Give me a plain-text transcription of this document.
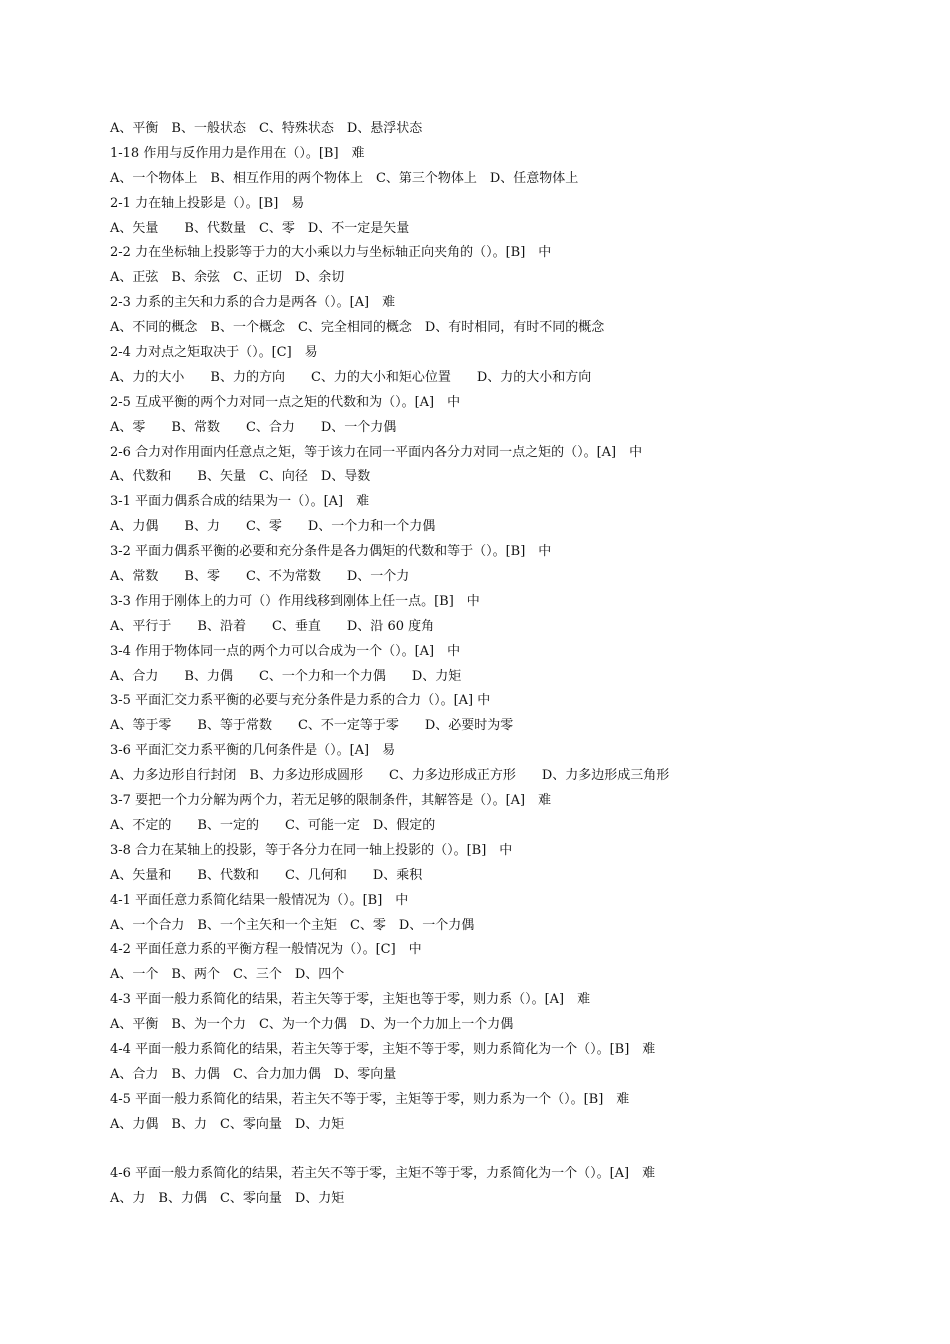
A、平衡　B、一般状态　C、特殊状态　D、悬浮状态
1-18 作用与反作用力是作用在（）。[B]　难
A、一个物体上　B、相互作用的两个物体上　C、第三个物体上　D、任意物体上
2-1 力在轴上投影是（）。[B]　易
A、矢量　　B、代数量　C、零　D、不一定是矢量
2-2 力在坐标轴上投影等于力的大小乘以力与坐标轴正向夹角的（）。[B]　中
A、正弦　B、余弦　C、正切　D、余切
2-3 力系的主矢和力系的合力是两各（）。[A]　难
A、不同的概念　B、一个概念　C、完全相同的概念　D、有时相同，有时不同的概念
2-4 力对点之矩取决于（）。[C]　易
A、力的大小　　B、力的方向　　C、力的大小和矩心位置　　D、力的大小和方向
2-5 互成平衡的两个力对同一点之矩的代数和为（）。[A]　中
A、零　　B、常数　　C、合力　　D、一个力偶
2-6 合力对作用面内任意点之矩，等于该力在同一平面内各分力对同一点之矩的（）。[A]　中
A、代数和　　B、矢量　C、向径　D、导数
3-1 平面力偶系合成的结果为一（）。[A]　难
A、力偶　　B、力　　C、零　　D、一个力和一个力偶
3-2 平面力偶系平衡的必要和充分条件是各力偶矩的代数和等于（）。[B]　中
A、常数　　B、零　　C、不为常数　　D、一个力
3-3 作用于刚体上的力可（）作用线移到刚体上任一点。[B]　中
A、平行于　　B、沿着　　C、垂直　　D、沿 60 度角
3-4 作用于物体同一点的两个力可以合成为一个（）。[A]　中
A、合力　　B、力偶　　C、一个力和一个力偶　　D、力矩
3-5 平面汇交力系平衡的必要与充分条件是力系的合力（）。[A] 中
A、等于零　　B、等于常数　　C、不一定等于零　　D、必要时为零
3-6 平面汇交力系平衡的几何条件是（）。[A]　易
A、力多边形自行封闭　B、力多边形成圆形　　C、力多边形成正方形　　D、力多边形成三角形
3-7 要把一个力分解为两个力，若无足够的限制条件，其解答是（）。[A]　难
A、不定的　　B、一定的　　C、可能一定　D、假定的
3-8 合力在某轴上的投影，等于各分力在同一轴上投影的（）。[B]　中
A、矢量和　　B、代数和　　C、几何和　　D、乘积
4-1 平面任意力系简化结果一般情况为（）。[B]　中
A、一个合力　B、一个主矢和一个主矩　C、零　D、一个力偶
4-2 平面任意力系的平衡方程一般情况为（）。[C]　中
A、一个　B、两个　C、三个　D、四个
4-3 平面一般力系简化的结果，若主矢等于零，主矩也等于零，则力系（）。[A]　难
A、平衡　B、为一个力　C、为一个力偶　D、为一个力加上一个力偶
4-4 平面一般力系简化的结果，若主矢等于零，主矩不等于零，则力系简化为一个（）。[B]　难
A、合力　B、力偶　C、合力加力偶　D、零向量
4-5 平面一般力系简化的结果，若主矢不等于零，主矩等于零，则力系为一个（）。[B]　难
A、力偶　B、力　C、零向量　D、力矩
4-6 平面一般力系简化的结果，若主矢不等于零，主矩不等于零，力系简化为一个（）。[A]　难
A、力　B、力偶　C、零向量　D、力矩
